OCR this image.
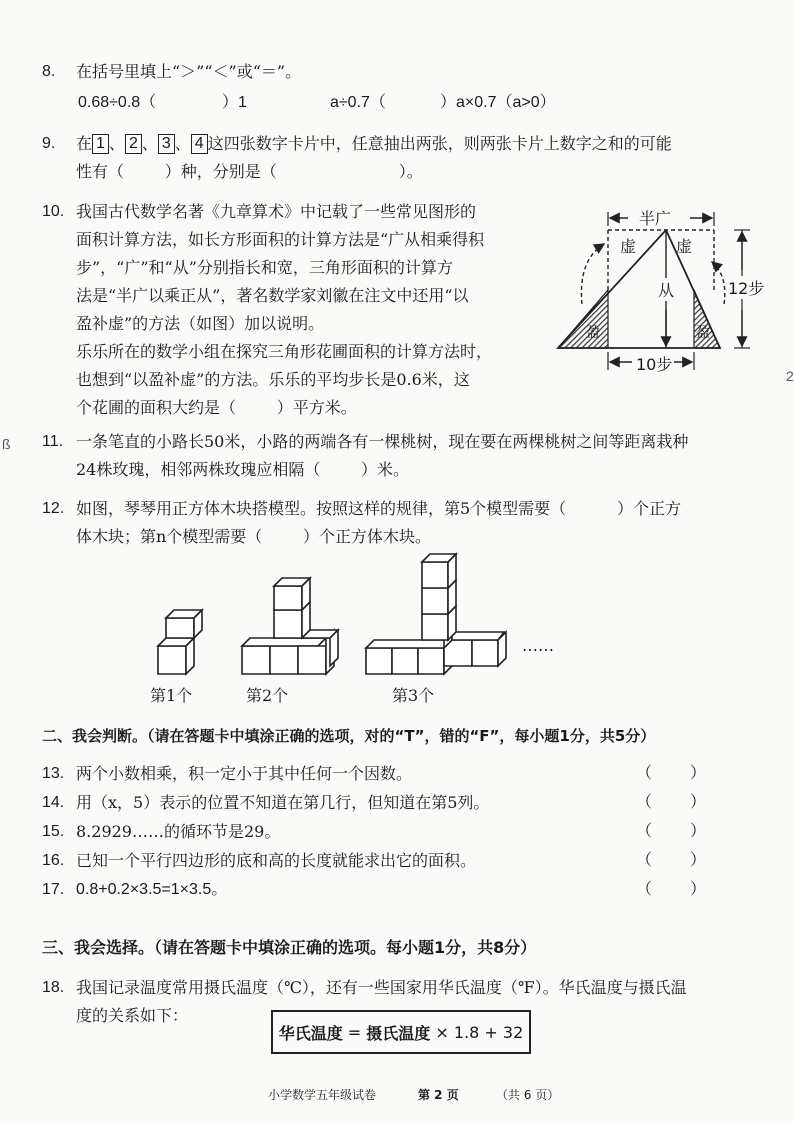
ß
2
8. 在括号里填上“＞”“＜”或“＝”。
0.68÷0.8（	）1	a÷0.7（	）a×0.7（a>0）
9. 在 1 、 2 、 3 、 4 这四张数字卡片中，任意抽出两张，则两张卡片上数字之和的可能
性有（        ）种，分别是（                        ）。
10. 我国古代数学名著《九章算术》中记载了一些常见图形的
面积计算方法，如长方形面积的计算方法是“广从相乘得积
步”，“广”和“从”分别指长和宽，三角形面积的计算方
法是“半广以乘正从”，著名数学家刘徽在注文中还用“以
盈补虚”的方法（如图）加以说明。
乐乐所在的数学小组在探究三角形花圃面积的计算方法时，
也想到“以盈补虚”的方法。乐乐的平均步长是0.6米，这
个花圃的面积大约是（        ）平方米。
半广
虚 虚
从	12步
10步
盈	盈
11. 一条笔直的小路长50米，小路的两端各有一棵桃树，现在要在两棵桃树之间等距离栽种
24株玫瑰，相邻两株玫瑰应相隔（        ）米。
12. 如图，琴琴用正方体木块搭模型。按照这样的规律，第5个模型需要（          ）个正方
体木块；第n个模型需要（        ）个正方体木块。
……
第1个	第2个	第3个
二、我会判断。（请在答题卡中填涂正确的选项，对的“T”，错的“F”，每小题1分，共5分）
13. 两个小数相乘，积一定小于其中任何一个因数。	（ ）
14. 用（x，5）表示的位置不知道在第几行，但知道在第5列。	（ ）
15. 8.2929……的循环节是29。	（ ）
16. 已知一个平行四边形的底和高的长度就能求出它的面积。	（ ）
17. 0.8+0.2×3.5=1×3.5。	（ ）
三、我会选择。（请在答题卡中填涂正确的选项。每小题1分，共8分）
18. 我国记录温度常用摄氏温度（℃），还有一些国家用华氏温度（℉）。华氏温度与摄氏温
度的关系如下：
华氏温度 = 摄氏温度 × 1.8 + 32
小学数学五年级试卷	第 2 页	（共 6 页）
